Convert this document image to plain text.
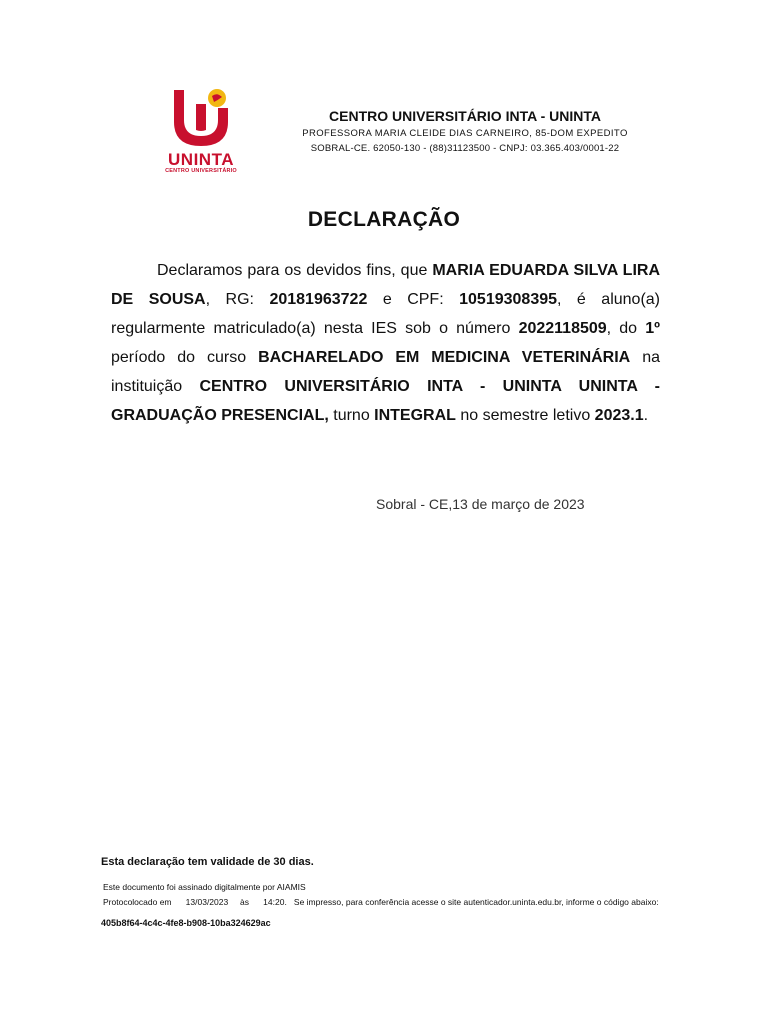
UNINTA
CENTRO UNIVERSITÁRIO
CENTRO UNIVERSITÁRIO INTA - UNINTA
PROFESSORA MARIA CLEIDE DIAS CARNEIRO, 85-DOM EXPEDITO
SOBRAL-CE. 62050-130 - (88)31123500 - CNPJ: 03.365.403/0001-22
DECLARAÇÃO

Declaramos para os devidos fins, que MARIA EDUARDA SILVA LIRA DE SOUSA, RG: 20181963722 e CPF: 10519308395, é aluno(a) regularmente matriculado(a) nesta IES sob o número 2022118509, do 1º período do curso BACHARELADO EM MEDICINA VETERINÁRIA na instituição CENTRO UNIVERSITÁRIO INTA - UNINTA UNINTA - GRADUAÇÃO PRESENCIAL, turno INTEGRAL no semestre letivo 2023.1.

Sobral - CE,13 de março de 2023
Esta declaração tem validade de 30 dias.
Este documento foi assinado digitalmente por AIAMIS
Protocolocado em      13/03/2023     às      14:20.   Se impresso, para conferência acesse o site autenticador.uninta.edu.br, informe o código abaixo:
405b8f64-4c4c-4fe8-b908-10ba324629ac
